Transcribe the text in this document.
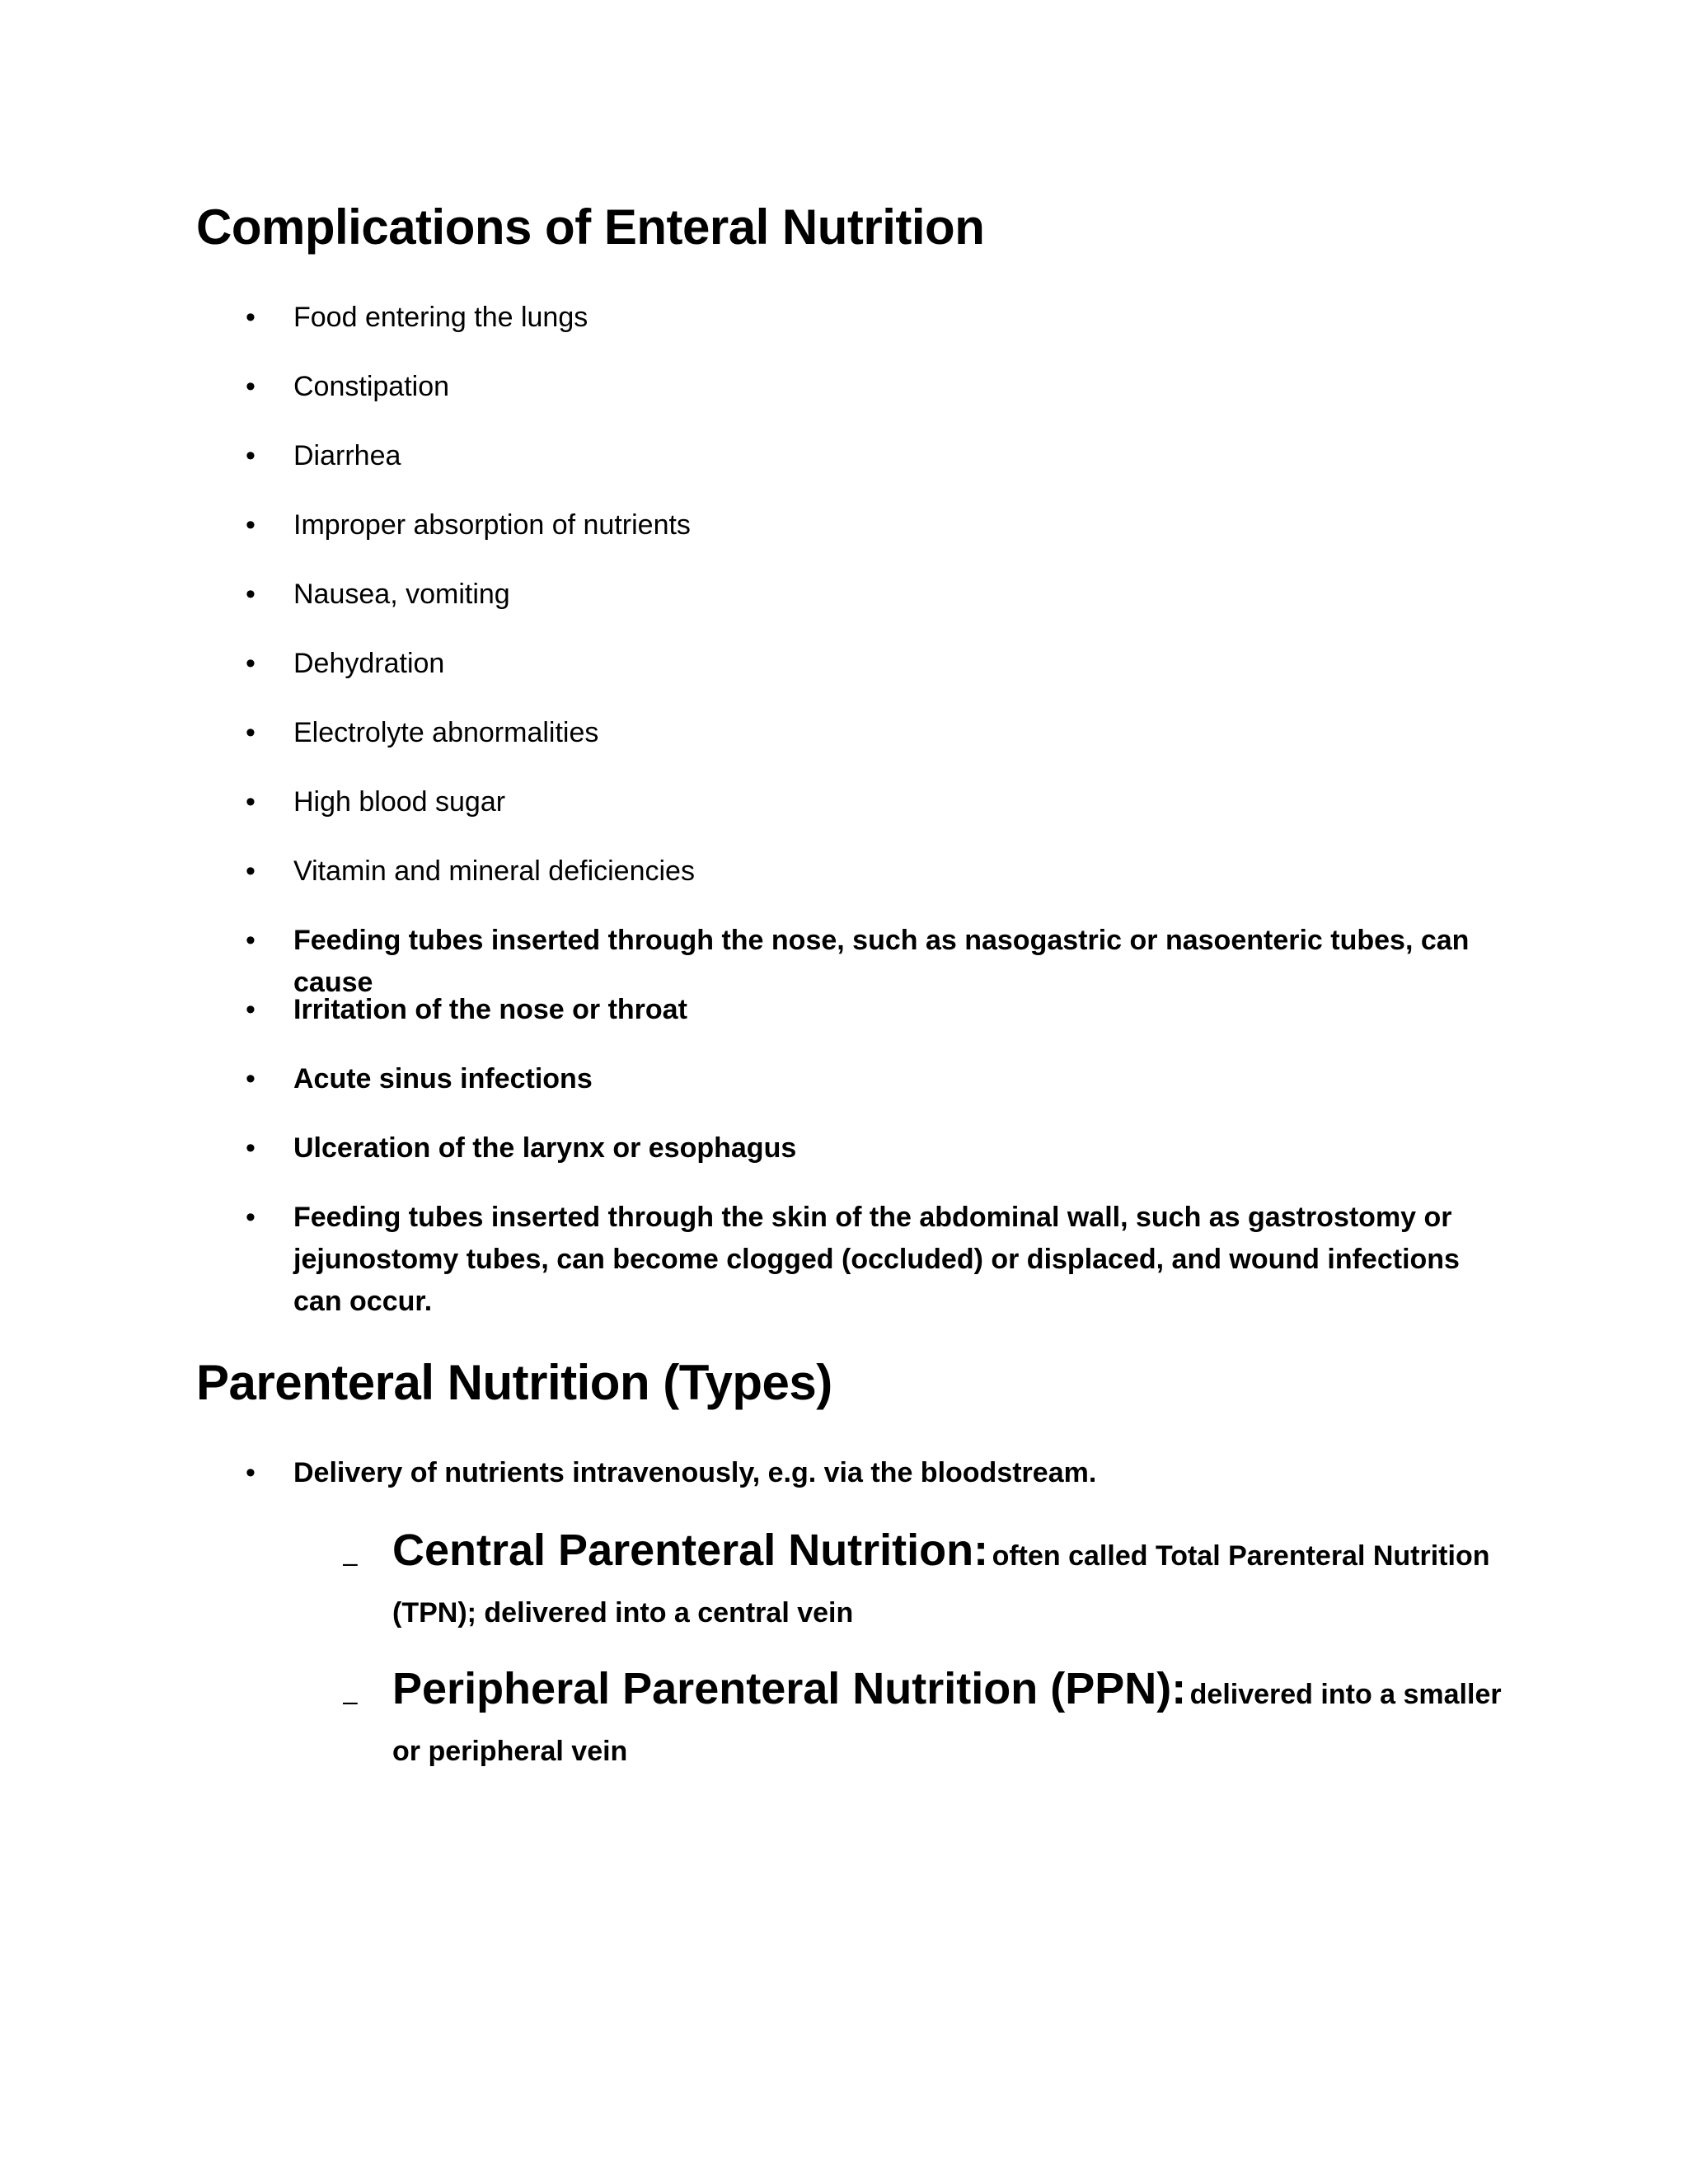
Complications of Enteral Nutrition
• Food entering the lungs
• Constipation
• Diarrhea
• Improper absorption of nutrients
• Nausea, vomiting
• Dehydration
• Electrolyte abnormalities
• High blood sugar
• Vitamin and mineral deficiencies
• Feeding tubes inserted through the nose, such as nasogastric or nasoenteric tubes, can cause
• Irritation of the nose or throat
• Acute sinus infections
• Ulceration of the larynx or esophagus
• Feeding tubes inserted through the skin of the abdominal wall, such as gastrostomy or jejunostomy tubes, can become clogged (occluded) or displaced, and wound infections can occur.
Parenteral Nutrition (Types)
• Delivery of nutrients intravenously, e.g. via the bloodstream.
– Central Parenteral Nutrition: often called Total Parenteral Nutrition (TPN); delivered into a central vein
– Peripheral Parenteral Nutrition (PPN): delivered into a smaller or peripheral vein
